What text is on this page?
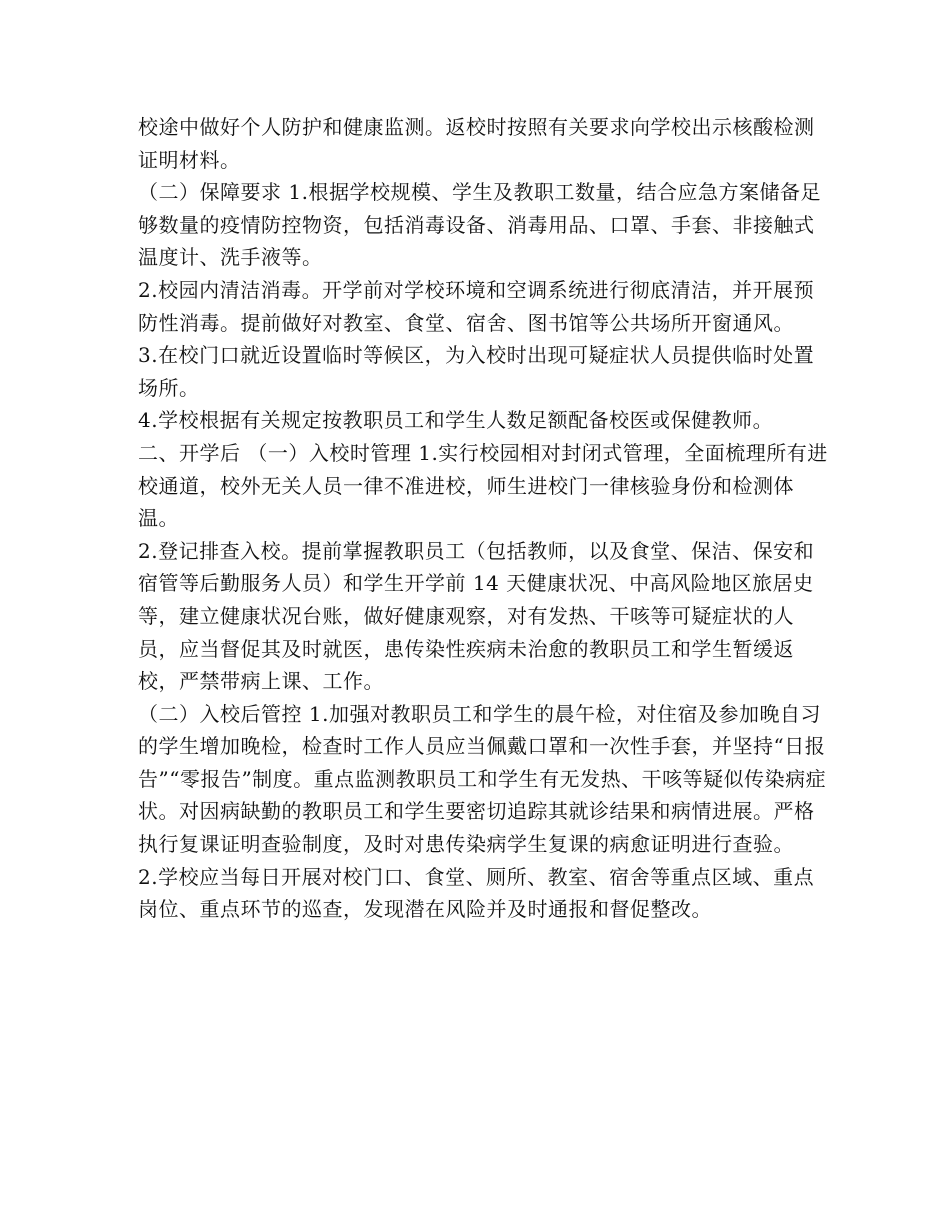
校途中做好个人防护和健康监测。返校时按照有关要求向学校出示核酸检测证明材料。

（二）保障要求 1.根据学校规模、学生及教职工数量，结合应急方案储备足够数量的疫情防控物资，包括消毒设备、消毒用品、口罩、手套、非接触式温度计、洗手液等。

2.校园内清洁消毒。开学前对学校环境和空调系统进行彻底清洁，并开展预防性消毒。提前做好对教室、食堂、宿舍、图书馆等公共场所开窗通风。

3.在校门口就近设置临时等候区，为入校时出现可疑症状人员提供临时处置场所。

4.学校根据有关规定按教职员工和学生人数足额配备校医或保健教师。

二、开学后 （一）入校时管理 1.实行校园相对封闭式管理，全面梳理所有进校通道，校外无关人员一律不准进校，师生进校门一律核验身份和检测体温。

2.登记排查入校。提前掌握教职员工（包括教师，以及食堂、保洁、保安和宿管等后勤服务人员）和学生开学前 14 天健康状况、中高风险地区旅居史等，建立健康状况台账，做好健康观察，对有发热、干咳等可疑症状的人员，应当督促其及时就医，患传染性疾病未治愈的教职员工和学生暂缓返校，严禁带病上课、工作。

（二）入校后管控 1.加强对教职员工和学生的晨午检，对住宿及参加晚自习的学生增加晚检，检查时工作人员应当佩戴口罩和一次性手套，并坚持“日报告”“零报告”制度。重点监测教职员工和学生有无发热、干咳等疑似传染病症状。对因病缺勤的教职员工和学生要密切追踪其就诊结果和病情进展。严格执行复课证明查验制度，及时对患传染病学生复课的病愈证明进行查验。

2.学校应当每日开展对校门口、食堂、厕所、教室、宿舍等重点区域、重点岗位、重点环节的巡查，发现潜在风险并及时通报和督促整改。
